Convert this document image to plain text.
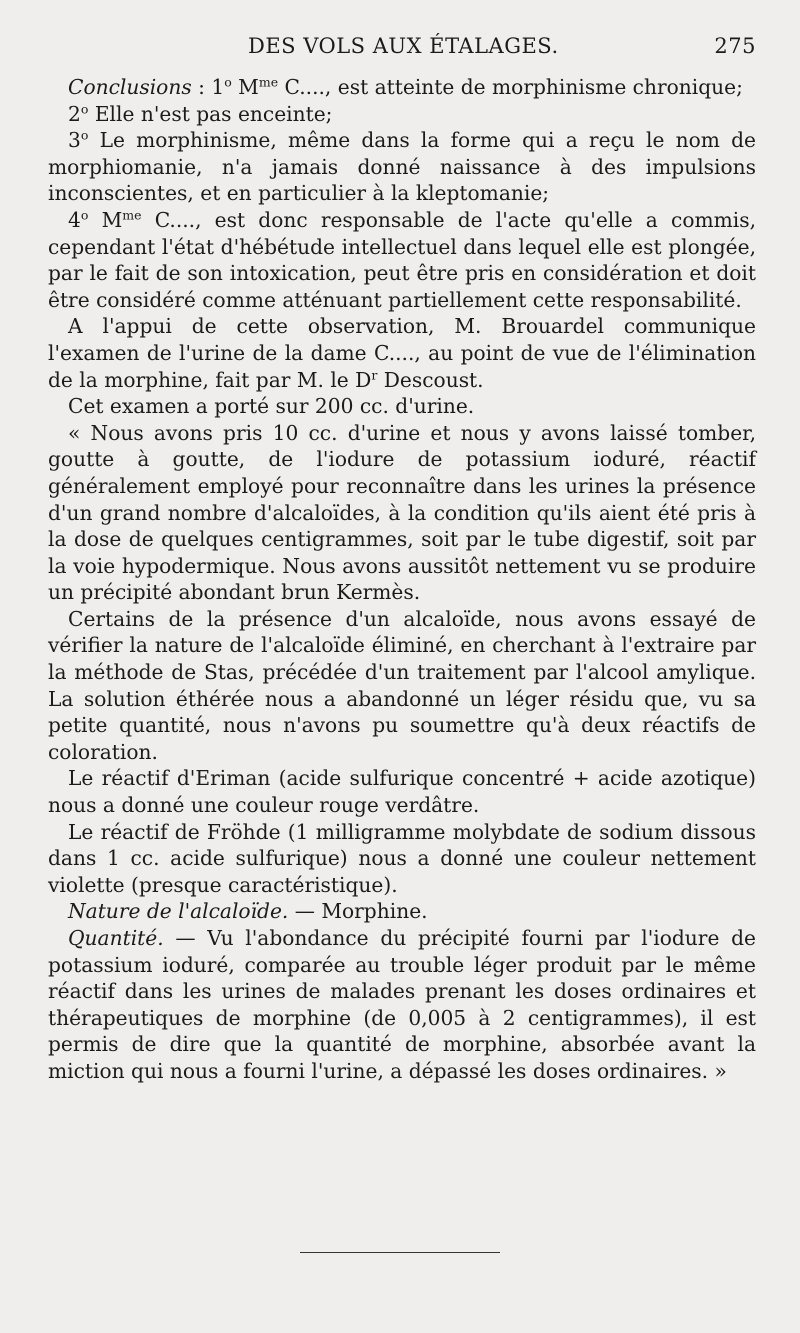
DES VOLS AUX ÉTALAGES.	275

Conclusions : 1$^o$ $M^{me}$ C...., est atteinte de morphinisme chronique;

2$^o$ Elle n'est pas enceinte;

3$^o$ Le morphinisme, même dans la forme qui a reçu le nom de morphiomanie, n'a jamais donné naissance à des impulsions inconscientes, et en particulier à la kleptomanie;

4$^o$ $M^{me}$ C...., est donc responsable de l'acte qu'elle a commis, cependant l'état d'hébétude intellectuel dans lequel elle est plongée, par le fait de son intoxication, peut être pris en considération et doit être considéré comme atténuant partiellement cette responsabilité.

A l'appui de cette observation, M. Brouardel communique l'examen de l'urine de la dame C...., au point de vue de l'élimination de la morphine, fait par M. le $D^r$ Descoust.

Cet examen a porté sur 200 cc. d'urine.

« Nous avons pris 10 cc. d'urine et nous y avons laissé tomber, goutte à goutte, de l'iodure de potassium ioduré, réactif généralement employé pour reconnaître dans les urines la présence d'un grand nombre d'alcaloïdes, à la condition qu'ils aient été pris à la dose de quelques centigrammes, soit par le tube digestif, soit par la voie hypodermique. Nous avons aussitôt nettement vu se produire un précipité abondant brun Kermès.

Certains de la présence d'un alcaloïde, nous avons essayé de vérifier la nature de l'alcaloïde éliminé, en cherchant à l'extraire par la méthode de Stas, précédée d'un traitement par l'alcool amylique. La solution éthérée nous a abandonné un léger résidu que, vu sa petite quantité, nous n'avons pu soumettre qu'à deux réactifs de coloration.

Le réactif d'Eriman (acide sulfurique concentré + acide azotique) nous a donné une couleur rouge verdâtre.

Le réactif de Fröhde (1 milligramme molybdate de sodium dissous dans 1 cc. acide sulfurique) nous a donné une couleur nettement violette (presque caractéristique).

Nature de l'alcaloïde. — Morphine.

Quantité. — Vu l'abondance du précipité fourni par l'iodure de potassium ioduré, comparée au trouble léger produit par le même réactif dans les urines de malades prenant les doses ordinaires et thérapeutiques de morphine (de 0,005 à 2 centigrammes), il est permis de dire que la quantité de morphine, absorbée avant la miction qui nous a fourni l'urine, a dépassé les doses ordinaires. »
